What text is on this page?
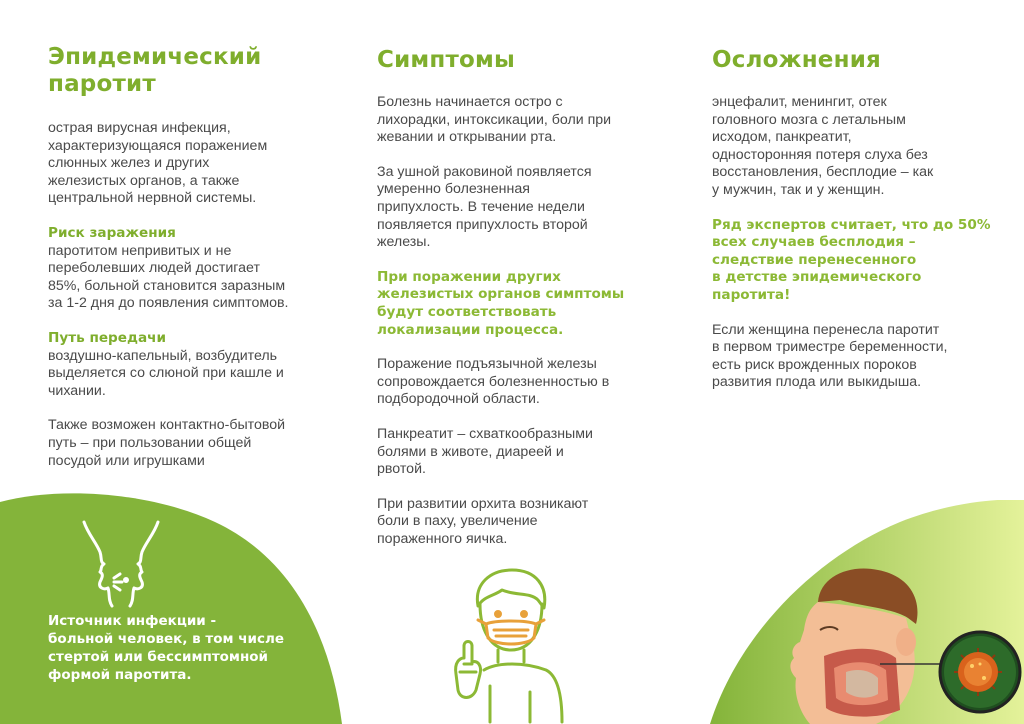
Эпидемический паротит

острая вирусная инфекция,
характеризующаяся поражением
слюнных желез и других
железистых органов, а также
центральной нервной системы.

Риск заражения

паротитом непривитых и не
переболевших людей достигает
85%, больной становится заразным
за 1-2 дня до появления симптомов.

Путь передачи

воздушно-капельный, возбудитель
выделяется со слюной при кашле и
чихании.

Также возможен контактно-бытовой
путь – при пользовании общей
посудой или игрушками

Источник инфекции -
больной человек, в том числе
стертой или бессимптомной
формой паротита.

Симптомы

Болезнь начинается остро с
лихорадки, интоксикации, боли при
жевании и открывании рта.

За ушной раковиной появляется
умеренно болезненная
припухлость. В течение недели
появляется припухлость второй
железы.

При поражении других
железистых органов симптомы
будут соответствовать
локализации процесса.

Поражение подъязычной железы
сопровождается болезненностью в
подбородочной области.

Панкреатит – схваткообразными
болями в животе, диареей и
рвотой.

При развитии орхита возникают
боли в паху, увеличение
пораженного яичка.

Осложнения

энцефалит, менингит, отек
головного мозга с летальным
исходом, панкреатит,
односторонняя потеря слуха без
восстановления, бесплодие – как
у мужчин, так и у женщин.

Ряд экспертов считает, что до 50%
всех случаев бесплодия –
следствие перенесенного
в детстве эпидемического
паротита!

Если женщина перенесла паротит
в первом триместре беременности,
есть риск врожденных пороков
развития плода или выкидыша.
